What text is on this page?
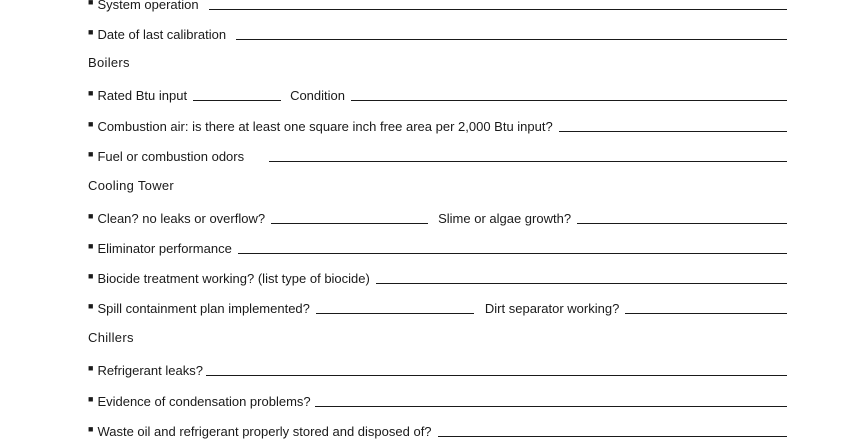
■ System operation
■ Date of last calibration
Boilers
■ Rated Btu input	Condition
■ Combustion air: is there at least one square inch free area per 2,000 Btu input?
■ Fuel or combustion odors
Cooling Tower
■ Clean? no leaks or overflow?	Slime or algae growth?
■ Eliminator performance
■ Biocide treatment working? (list type of biocide)
■ Spill containment plan implemented?	Dirt separator working?
Chillers
■ Refrigerant leaks?
■ Evidence of condensation problems?
■ Waste oil and refrigerant properly stored and disposed of?
